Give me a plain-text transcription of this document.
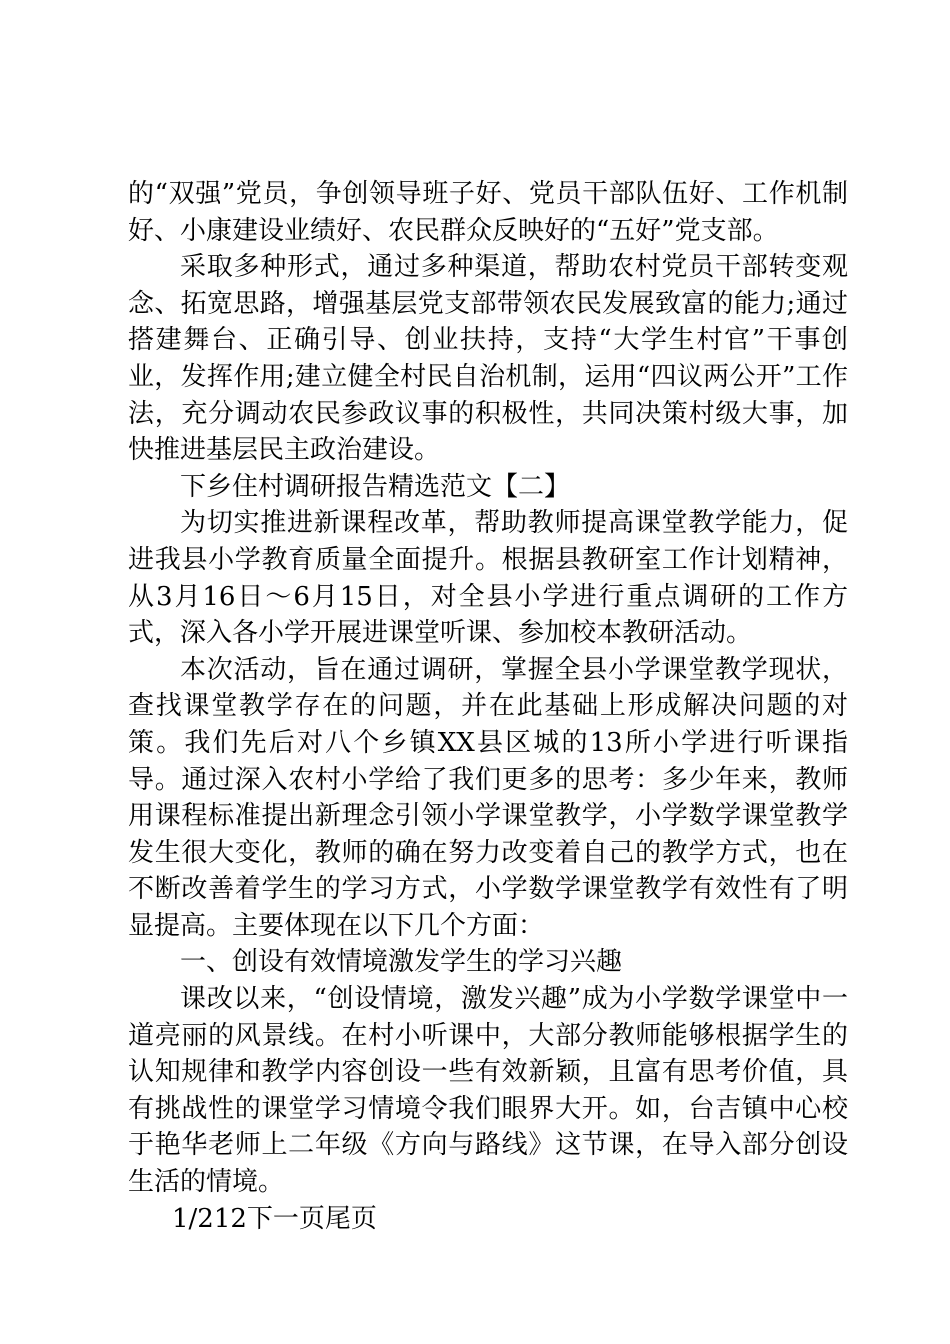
的“双强”党员，争创领导班子好、党员干部队伍好、工作机制好、小康建设业绩好、农民群众反映好的“五好”党支部。

采取多种形式，通过多种渠道，帮助农村党员干部转变观念、拓宽思路，增强基层党支部带领农民发展致富的能力;通过搭建舞台、正确引导、创业扶持，支持“大学生村官”干事创业，发挥作用;建立健全村民自治机制，运用“四议两公开”工作法，充分调动农民参政议事的积极性，共同决策村级大事，加快推进基层民主政治建设。

下乡住村调研报告精选范文【二】

为切实推进新课程改革，帮助教师提高课堂教学能力，促进我县小学教育质量全面提升。根据县教研室工作计划精神，从3月16日～6月15日，对全县小学进行重点调研的工作方式，深入各小学开展进课堂听课、参加校本教研活动。

本次活动，旨在通过调研，掌握全县小学课堂教学现状，查找课堂教学存在的问题，并在此基础上形成解决问题的对策。我们先后对八个乡镇XX县区城的13所小学进行听课指导。通过深入农村小学给了我们更多的思考：多少年来，教师用课程标准提出新理念引领小学课堂教学，小学数学课堂教学发生很大变化，教师的确在努力改变着自己的教学方式，也在不断改善着学生的学习方式，小学数学课堂教学有效性有了明显提高。主要体现在以下几个方面：

一、创设有效情境激发学生的学习兴趣

课改以来，“创设情境，激发兴趣”成为小学数学课堂中一道亮丽的风景线。在村小听课中，大部分教师能够根据学生的认知规律和教学内容创设一些有效新颖，且富有思考价值，具有挑战性的课堂学习情境令我们眼界大开。如，台吉镇中心校于艳华老师上二年级《方向与路线》这节课，在导入部分创设生活的情境。

1/212下一页尾页
